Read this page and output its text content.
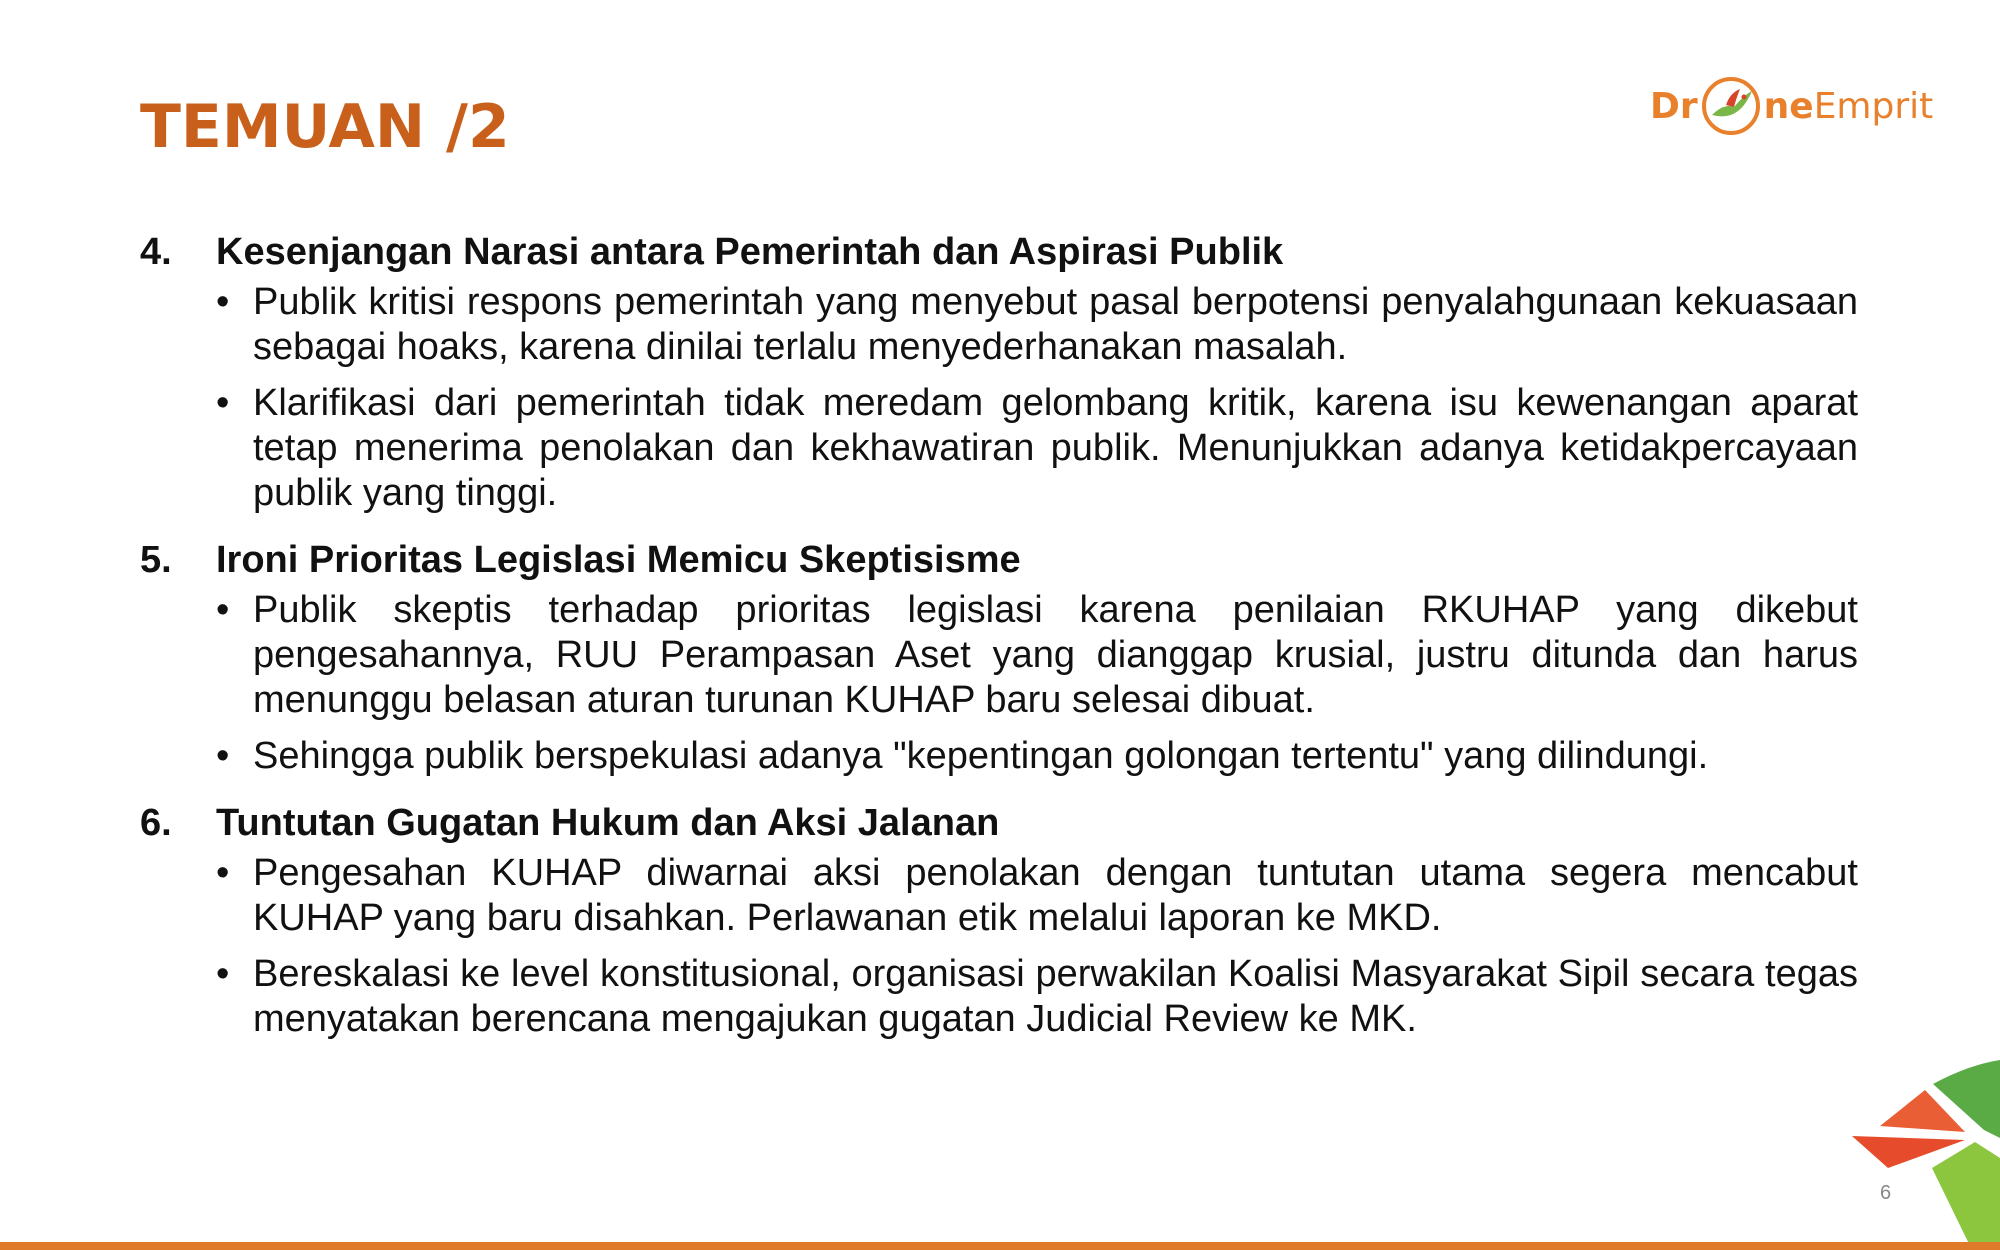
TEMUAN /2	Dr ne Emprit
4.	Kesenjangan Narasi antara Pemerintah dan Aspirasi Publik
• Publik kritisi respons pemerintah yang menyebut pasal berpotensi penyalahgunaan kekuasaan sebagai hoaks, karena dinilai terlalu menyederhanakan masalah.
• Klarifikasi dari pemerintah tidak meredam gelombang kritik, karena isu kewenangan aparat tetap menerima penolakan dan kekhawatiran publik. Menunjukkan adanya ketidakpercayaan publik yang tinggi.
5.	Ironi Prioritas Legislasi Memicu Skeptisisme
• Publik skeptis terhadap prioritas legislasi karena penilaian RKUHAP yang dikebut pengesahannya, RUU Perampasan Aset yang dianggap krusial, justru ditunda dan harus menunggu belasan aturan turunan KUHAP baru selesai dibuat.
• Sehingga publik berspekulasi adanya "kepentingan golongan tertentu" yang dilindungi.
6.	Tuntutan Gugatan Hukum dan Aksi Jalanan
• Pengesahan KUHAP diwarnai aksi penolakan dengan tuntutan utama segera mencabut KUHAP yang baru disahkan. Perlawanan etik melalui laporan ke MKD.
• Bereskalasi ke level konstitusional, organisasi perwakilan Koalisi Masyarakat Sipil secara tegas menyatakan berencana mengajukan gugatan Judicial Review ke MK.
6
